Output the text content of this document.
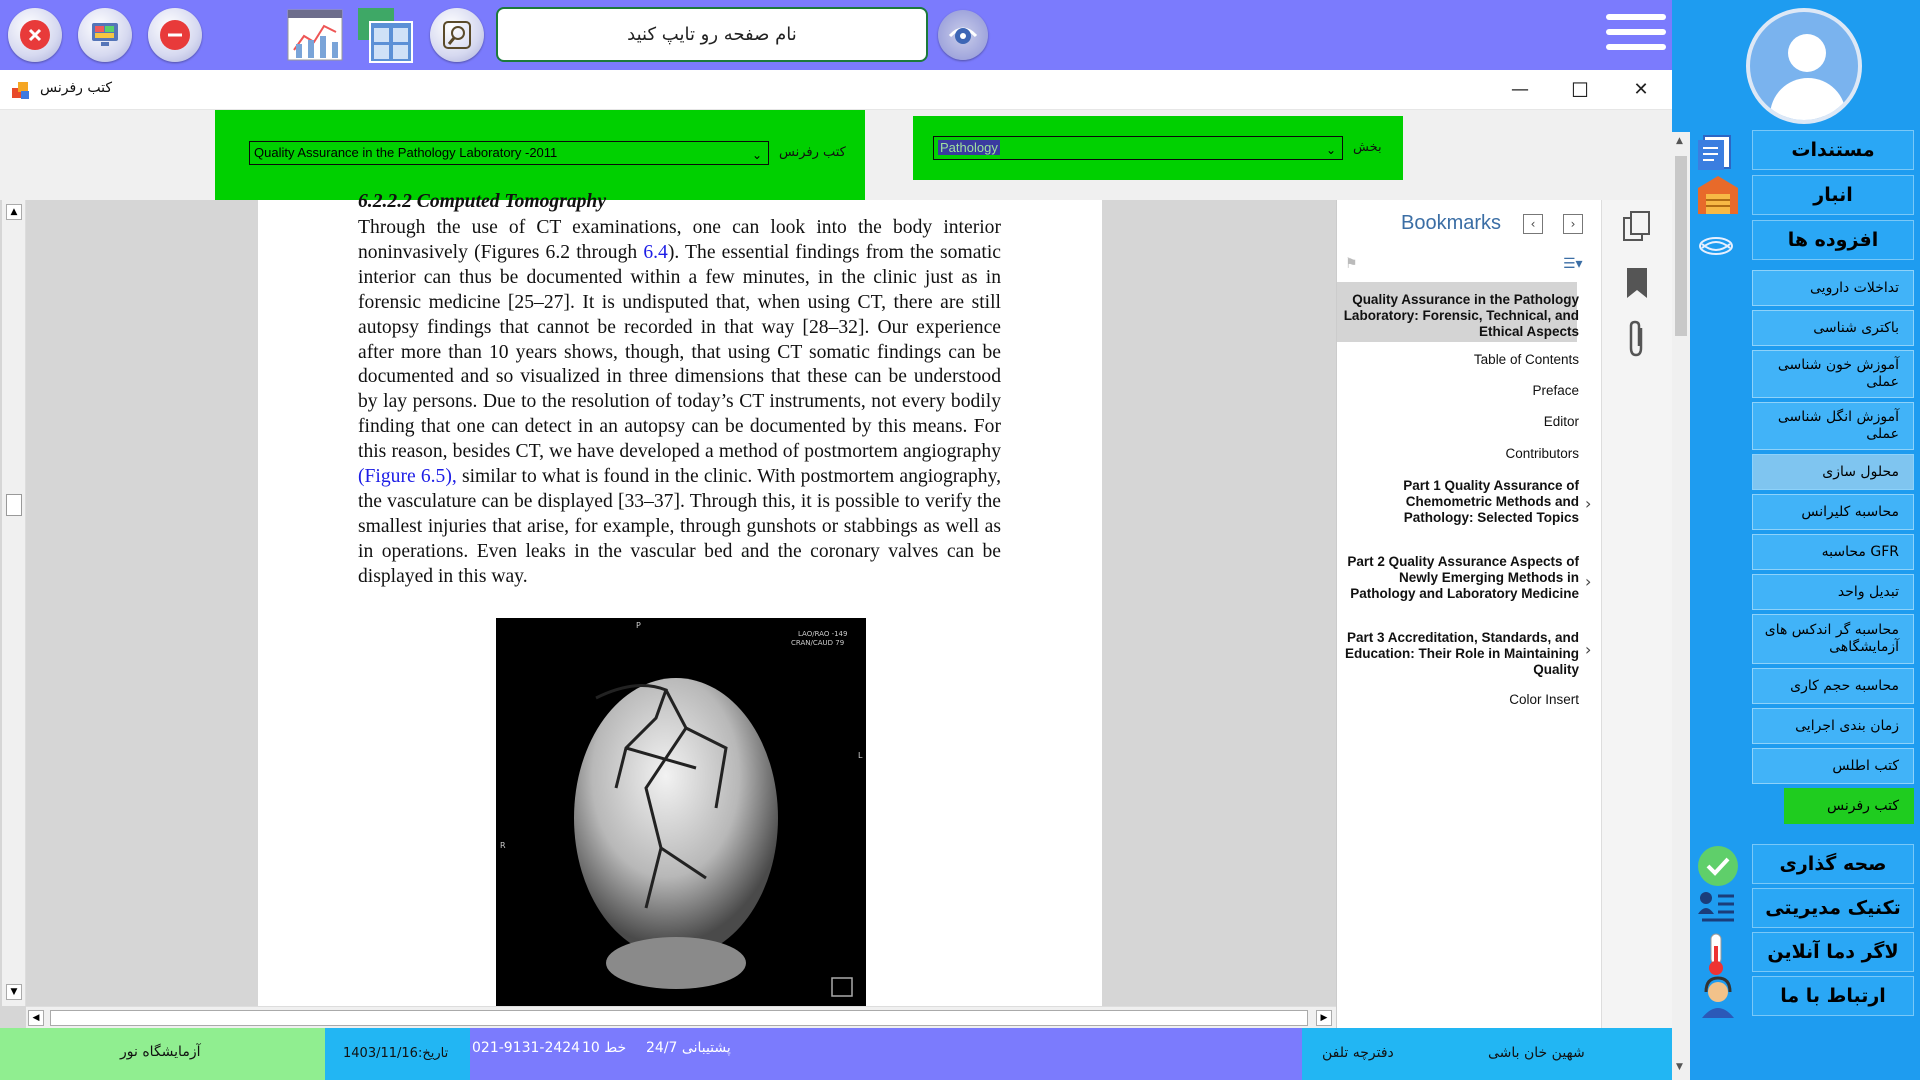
نام صفحه رو تایپ کنید
کتب رفرنس	—	☐	✕
Quality Assurance in the Pathology Laboratory -2011	⌄ کتب رفرنس	Pathology	⌄ بخش
▲
▼
6.2.2.2 Computed Tomography
Through the use of CT examinations, one can look into the body interior noninvasively (Figures 6.2 through 6.4). The essential findings from the somatic interior can thus be documented within a few minutes, in the clinic just as in forensic medicine [25–27]. It is undisputed that, when using CT, there are still autopsy findings that cannot be recorded in that way [28–32]. Our experience after more than 10 years shows, though, that using CT somatic findings can be documented and so visualized in three dimensions that these can be understood by lay persons. Due to the resolution of today’s CT instruments, not every bodily finding that one can detect in an autopsy can be documented by this means. For this reason, besides CT, we have developed a method of postmortem angiography (Figure 6.5), similar to what is found in the clinic. With postmortem angiography, the vasculature can be displayed [33–37]. Through this, it is possible to verify the smallest injuries that arise, for example, through gunshots or stabbings as well as in operations. Even leaks in the vascular bed and the coronary valves can be displayed in this way.
P
L
R
LAO/RAO -149
CRAN/CAUD 79
Bookmarks	‹	›
⚑	☰▾
Quality Assurance in the Pathology Laboratory: Forensic, Technical, and Ethical Aspects
Table of Contents
Preface
Editor
Contributors
Part 1 Quality Assurance of Chemometric Methods and Pathology: Selected Topics
›
Part 2 Quality Assurance Aspects of Newly Emerging Methods in Pathology and Laboratory Medicine
›
Part 3 Accreditation, Standards, and Education: Their Role in Maintaining Quality
›
Color Insert
◀	▶
مستندات
انبار
افزوده ها
تداخلات دارویی
باکتری شناسی
آموزش خون شناسی عملی
آموزش انگل شناسی عملی
محلول سازی
محاسبه کلیرانس
محاسبه GFR
تبدیل واحد
محاسبه گر اندکس های آزمایشگاهی
محاسبه حجم کاری
زمان بندی اجرایی
کتب اطلس
کتب رفرنس
صحه گذاری
تکنیک مدیریتی
لاگر دما آنلاین
ارتباط با ما
▲
▼
آزمایشگاه نور	تاریخ:1403/11/16 021-9131-2424 10 خط پشتیبانی 24/7	دفترچه تلفن	شهین خان باشی
